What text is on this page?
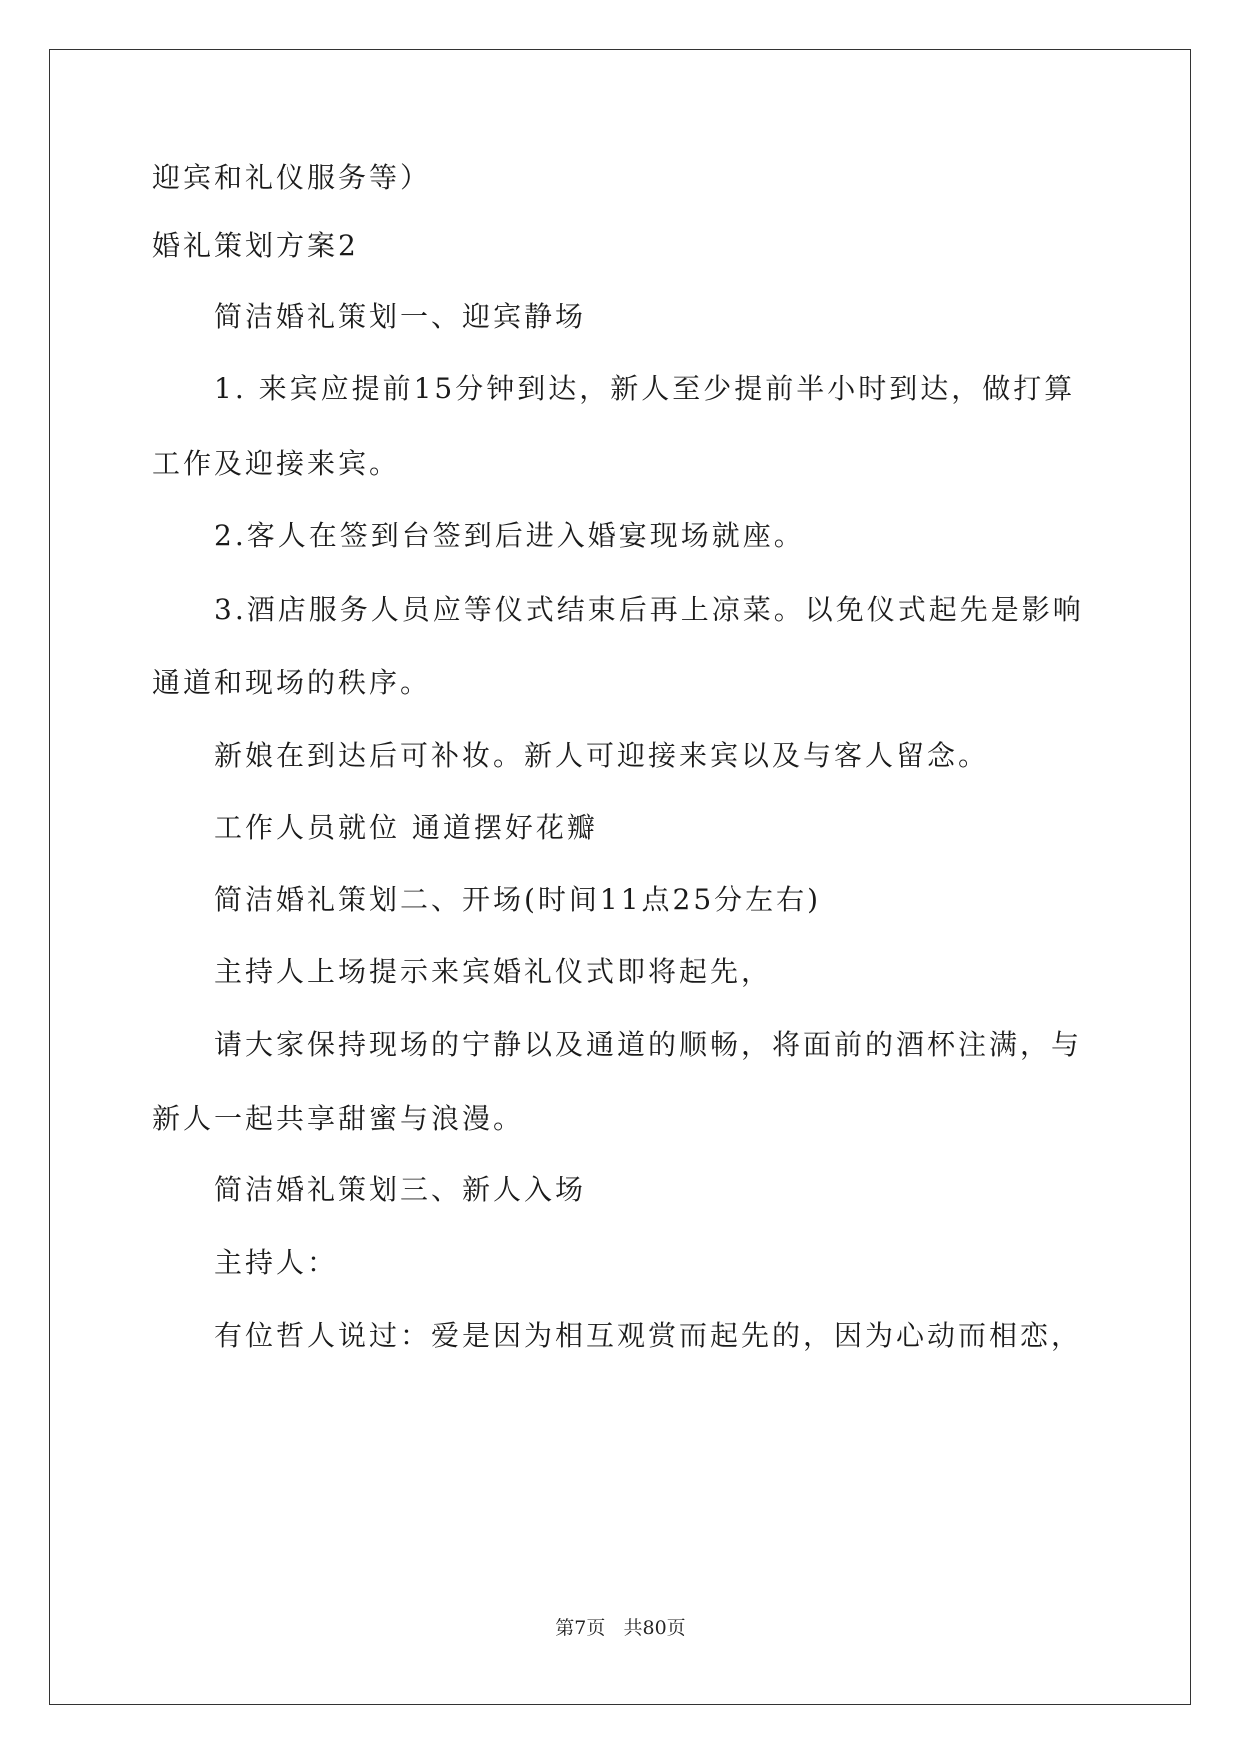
迎宾和礼仪服务等）
婚礼策划方案2
简洁婚礼策划一、迎宾静场
1. 来宾应提前15分钟到达，新人至少提前半小时到达，做打算
工作及迎接来宾。
2.客人在签到台签到后进入婚宴现场就座。
3.酒店服务人员应等仪式结束后再上凉菜。以免仪式起先是影响
通道和现场的秩序。
新娘在到达后可补妆。新人可迎接来宾以及与客人留念。
工作人员就位 通道摆好花瓣
简洁婚礼策划二、开场(时间11点25分左右)
主持人上场提示来宾婚礼仪式即将起先，
请大家保持现场的宁静以及通道的顺畅，将面前的酒杯注满，与
新人一起共享甜蜜与浪漫。
简洁婚礼策划三、新人入场
主持人：
有位哲人说过：爱是因为相互观赏而起先的，因为心动而相恋，
第7页   共80页
